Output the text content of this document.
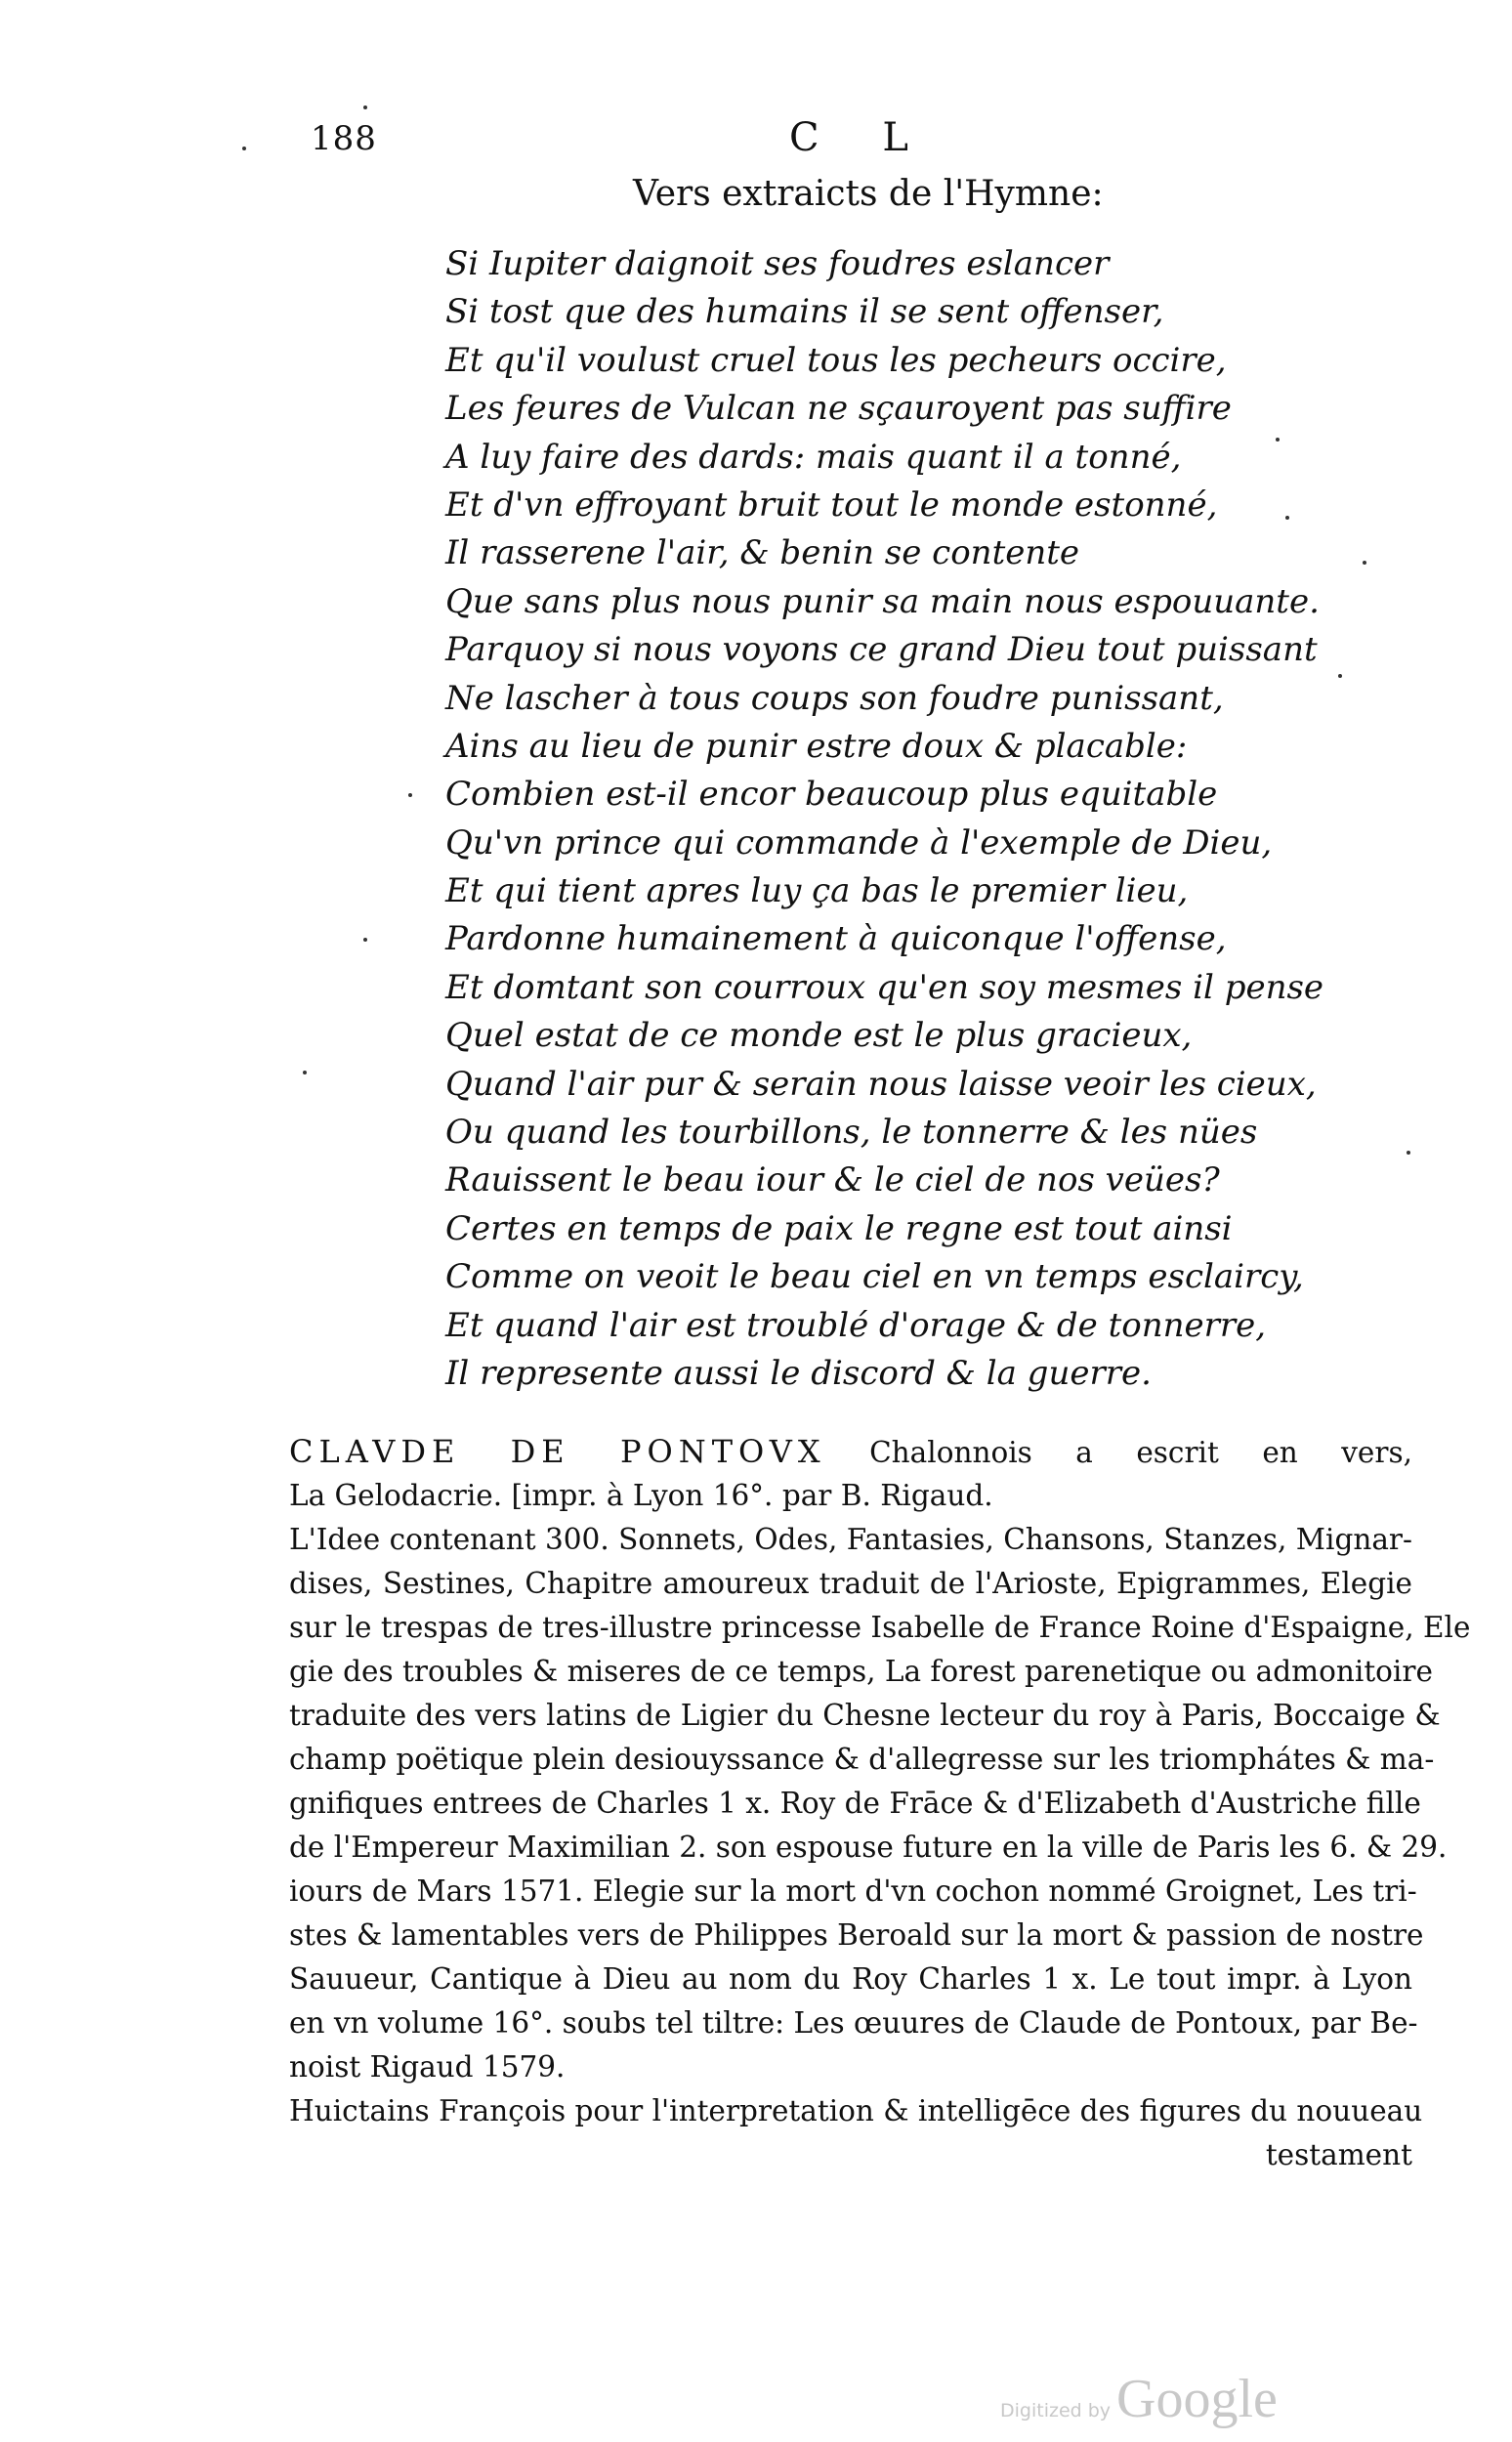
188	C L
Vers extraicts de l'Hymne:
Si Iupiter daignoit ses foudres eslancer
Si tost que des humains il se sent offenser,
Et qu'il voulust cruel tous les pecheurs occire,
Les feures de Vulcan ne sçauroyent pas suffire
A luy faire des dards: mais quant il a tonné,
Et d'vn effroyant bruit tout le monde estonné,
Il rasserene l'air, & benin se contente
Que sans plus nous punir sa main nous espouuante.
Parquoy si nous voyons ce grand Dieu tout puissant
Ne lascher à tous coups son foudre punissant,
Ains au lieu de punir estre doux & placable:
Combien est-il encor beaucoup plus equitable
Qu'vn prince qui commande à l'exemple de Dieu,
Et qui tient apres luy ça bas le premier lieu,
Pardonne humainement à quiconque l'offense,
Et domtant son courroux qu'en soy mesmes il pense
Quel estat de ce monde est le plus gracieux,
Quand l'air pur & serain nous laisse veoir les cieux,
Ou quand les tourbillons, le tonnerre & les nües
Rauissent le beau iour & le ciel de nos veües?
Certes en temps de paix le regne est tout ainsi
Comme on veoit le beau ciel en vn temps esclaircy,
Et quand l'air est troublé d'orage & de tonnerre,
Il represente aussi le discord & la guerre.
CLAVDE DE PONTOVX Chalonnois a escrit en vers,
La Gelodacrie. [impr. à Lyon 16°. par B. Rigaud.
L'Idee contenant 300. Sonnets, Odes, Fantasies, Chansons, Stanzes, Mignar-
dises, Sestines, Chapitre amoureux traduit de l'Arioste, Epigrammes, Elegie
sur le trespas de tres-illustre princesse Isabelle de France Roine d'Espaigne, Ele
gie des troubles & miseres de ce temps, La forest parenetique ou admonitoire
traduite des vers latins de Ligier du Chesne lecteur du roy à Paris, Boccaige &
champ poëtique plein desiouyssance & d'allegresse sur les triomphátes & ma-
gnifiques entrees de Charles 1 x. Roy de Frāce & d'Elizabeth d'Austriche fille
de l'Empereur Maximilian 2. son espouse future en la ville de Paris les 6. & 29.
iours de Mars 1571. Elegie sur la mort d'vn cochon nommé Groignet, Les tri-
stes & lamentables vers de Philippes Beroald sur la mort & passion de nostre
Sauueur, Cantique à Dieu au nom du Roy Charles 1 x. Le tout impr. à Lyon
en vn volume 16°. soubs tel tiltre: Les œuures de Claude de Pontoux, par Be-
noist Rigaud 1579.
Huictains François pour l'interpretation & intelligēce des figures du nouueau
testament
Digitized by Google
